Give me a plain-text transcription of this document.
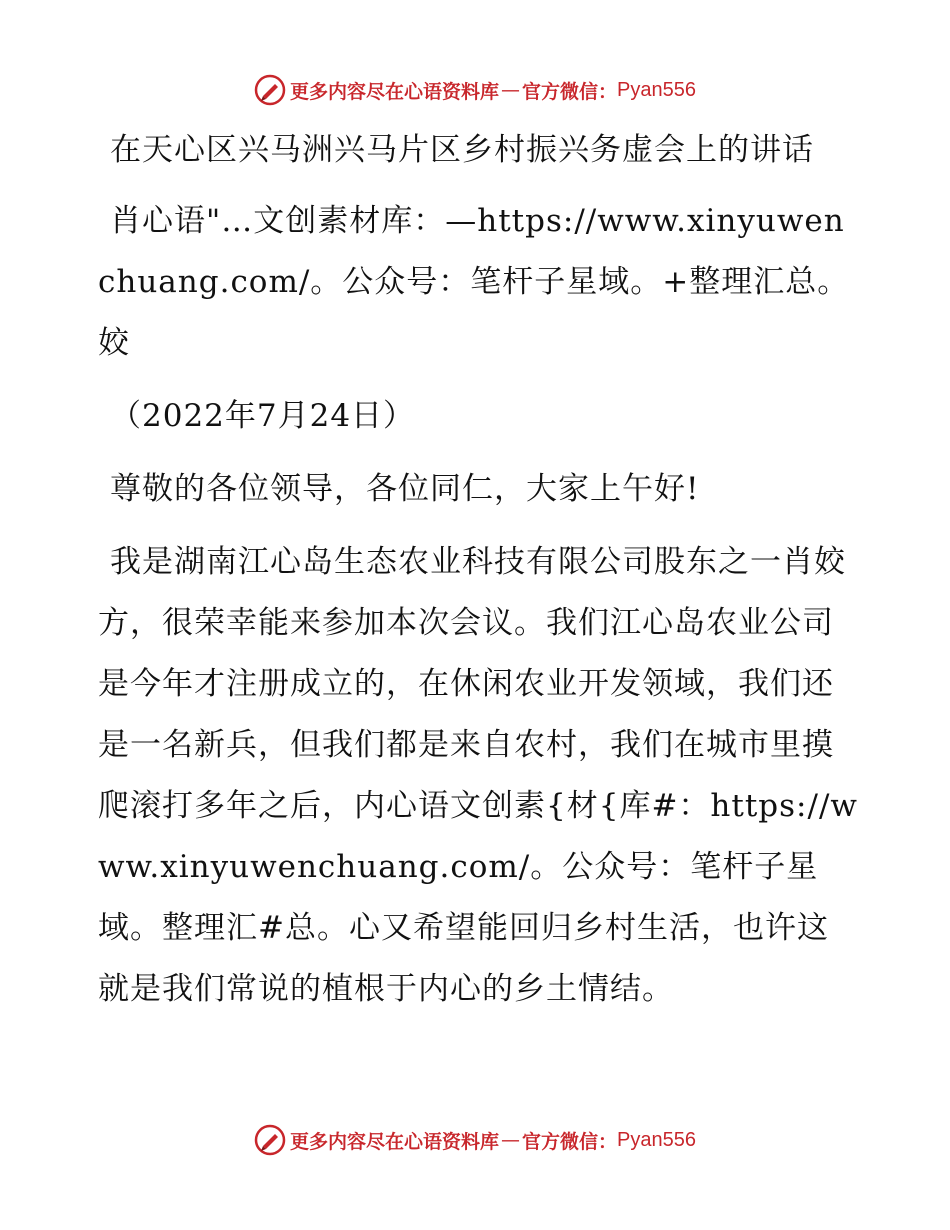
更多内容尽在心语资料库 — 官方微信： Pyan556

在天心区兴马洲兴马片区乡村振兴务虚会上的讲话

肖心语"…文创素材库：—https://www.xinyuwenchuang.com/。公众号：笔杆子星域。+整理汇总。姣

（2022年7月24日）

尊敬的各位领导，各位同仁，大家上午好!

我是湖南江心岛生态农业科技有限公司股东之一肖姣方，很荣幸能来参加本次会议。我们江心岛农业公司是今年才注册成立的，在休闲农业开发领域，我们还是一名新兵，但我们都是来自农村，我们在城市里摸爬滚打多年之后，内心语文创素{材{库#：https://www.xinyuwenchuang.com/。公众号：笔杆子星域。整理汇#总。心又希望能回归乡村生活，也许这就是我们常说的植根于内心的乡土情结。

更多内容尽在心语资料库 — 官方微信： Pyan556
